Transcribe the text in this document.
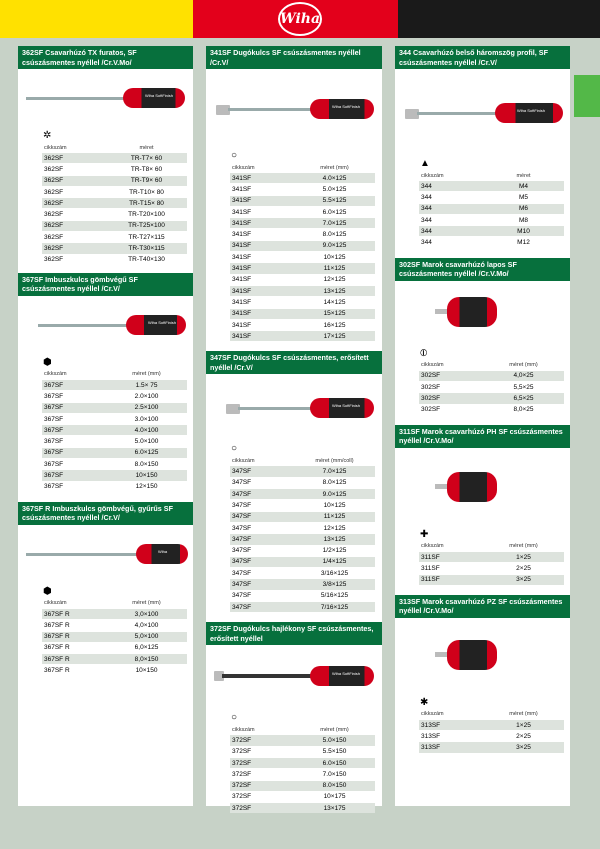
Wiha
362SF Csavarhúzó TX furatos, SF csúszásmentes nyéllel /Cr.V.Mo/
Wiha SoftFinish
✲
cikkszám	méret
362SF	TR-T7× 60
362SF	TR-T8× 60
362SF	TR-T9× 60
362SF	TR-T10× 80
362SF	TR-T15× 80
362SF	TR-T20×100
362SF	TR-T25×100
362SF	TR-T27×115
362SF	TR-T30×115
362SF	TR-T40×130
367SF Imbuszkulcs gömbvégű SF csúszásmentes nyéllel /Cr.V/
Wiha SoftFinish
⬢
cikkszám	méret (mm)
367SF	1.5× 75
367SF	2.0×100
367SF	2.5×100
367SF	3.0×100
367SF	4.0×100
367SF	5.0×100
367SF	6.0×125
367SF	8.0×150
367SF	10×150
367SF	12×150
367SF R Imbuszkulcs gömbvégű, gyűrűs SF csúszásmentes nyéllel /Cr.V/
Wiha
⬢
cikkszám	méret (mm)
367SF R	3,0×100
367SF R	4,0×100
367SF R	5,0×100
367SF R	6,0×125
367SF R	8,0×150
367SF R	10×150
341SF Dugókulcs SF csúszásmentes nyéllel /Cr.V/
Wiha SoftFinish
○
cikkszám	méret (mm)
341SF	4.0×125
341SF	5.0×125
341SF	5.5×125
341SF	6.0×125
341SF	7.0×125
341SF	8.0×125
341SF	9.0×125
341SF	10×125
341SF	11×125
341SF	12×125
341SF	13×125
341SF	14×125
341SF	15×125
341SF	16×125
341SF	17×125
347SF Dugókulcs SF csúszásmentes, erősített nyéllel /Cr.V/
Wiha SoftFinish
○
cikkszám	méret (mm/coll)
347SF	7.0×125
347SF	8.0×125
347SF	9.0×125
347SF	10×125
347SF	11×125
347SF	12×125
347SF	13×125
347SF	1/2×125
347SF	1/4×125
347SF	3/16×125
347SF	3/8×125
347SF	5/16×125
347SF	7/16×125
372SF Dugókulcs hajlékony SF csúszásmentes, erősített nyéllel
Wiha SoftFinish
○
cikkszám	méret (mm)
372SF	5.0×150
372SF	5.5×150
372SF	6.0×150
372SF	7.0×150
372SF	8.0×150
372SF	10×175
372SF	13×175
344 Csavarhúzó belső háromszög profil, SF csúszásmentes nyéllel /Cr.V/
Wiha SoftFinish
▲
cikkszám	méret
344	M4
344	M5
344	M6
344	M8
344	M10
344	M12
302SF Marok csavarhúzó lapos SF csúszásmentes nyéllel /Cr.V.Mo/
⦶
cikkszám	méret (mm)
302SF	4,0×25
302SF	5,5×25
302SF	6,5×25
302SF	8,0×25
311SF Marok csavarhúzó PH SF csúszásmentes nyéllel /Cr.V.Mo/
✚
cikkszám	méret (mm)
311SF	1×25
311SF	2×25
311SF	3×25
313SF Marok csavarhúzó PZ SF csúszásmentes nyéllel /Cr.V.Mo/
✱
cikkszám	méret (mm)
313SF	1×25
313SF	2×25
313SF	3×25
